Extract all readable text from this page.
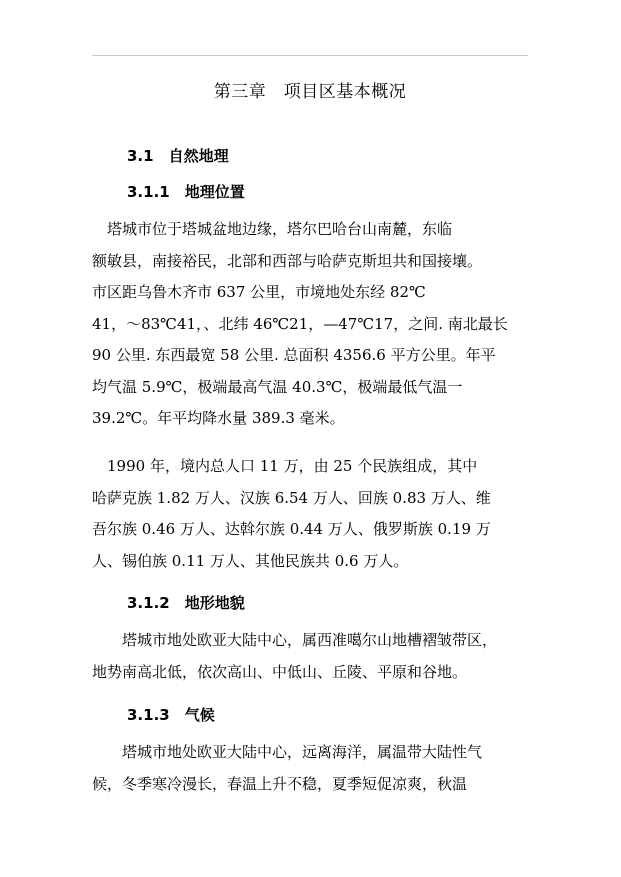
第三章　项目区基本概况
3.1　 自然地理
3.1.1　 地理位置
　塔城市位于塔城盆地边缘，塔尔巴哈台山南麓，东临
额敏县，南接裕民，北部和西部与哈萨克斯坦共和国接壤。
市区距乌鲁木齐市 637 公里，市境地处东经 82℃
41，～83℃41，、北纬 46℃21，—47℃17，之间. 南北最长
90 公里. 东西最宽 58 公里. 总面积 4356.6 平方公里。年平
均气温 5.9℃，极端最高气温 40.3℃，极端最低气温一
39.2℃。年平均降水量 389.3 毫米。
　1990 年，境内总人口 11 万，由 25 个民族组成，其中
哈萨克族 1.82 万人、汉族 6.54 万人、回族 0.83 万人、维
吾尔族 0.46 万人、达斡尔族 0.44 万人、俄罗斯族 0.19 万
人、锡伯族 0.11 万人、其他民族共 0.6 万人。
3.1.2　 地形地貌
塔城市地处欧亚大陆中心，属西准噶尔山地槽褶皱带区，
地势南高北低，依次高山、中低山、丘陵、平原和谷地。
3.1.3　 气候
塔城市地处欧亚大陆中心，远离海洋，属温带大陆性气
候，冬季寒冷漫长，春温上升不稳，夏季短促凉爽，秋温
